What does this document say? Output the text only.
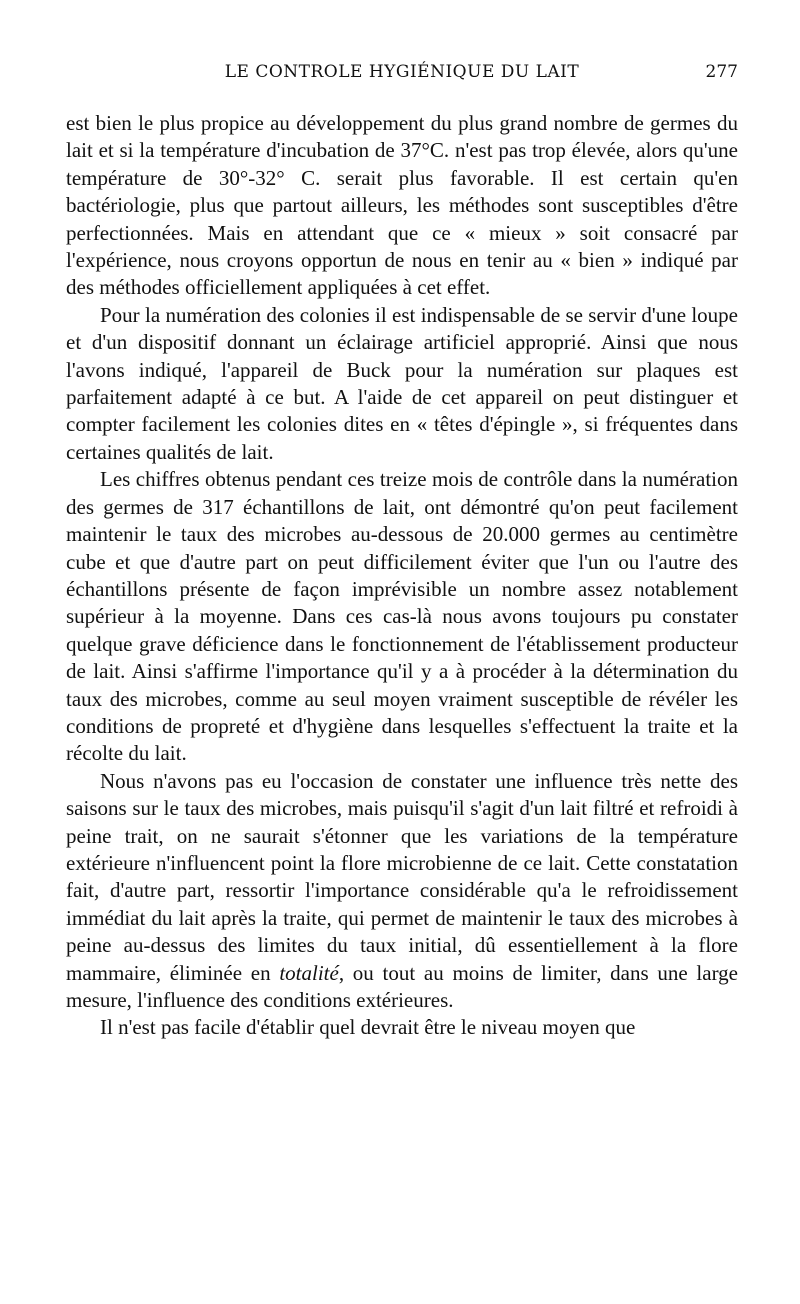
LE CONTROLE HYGIÉNIQUE DU LAIT	277

est bien le plus propice au développement du plus grand nombre de germes du lait et si la température d'incubation de 37°C. n'est pas trop élevée, alors qu'une température de 30°-32° C. serait plus favorable. Il est certain qu'en bactériologie, plus que partout ailleurs, les méthodes sont susceptibles d'être perfectionnées. Mais en attendant que ce « mieux » soit consacré par l'expérience, nous croyons opportun de nous en tenir au « bien » indiqué par des méthodes officiellement appliquées à cet effet.

Pour la numération des colonies il est indispensable de se servir d'une loupe et d'un dispositif donnant un éclairage artificiel approprié. Ainsi que nous l'avons indiqué, l'appareil de Buck pour la numération sur plaques est parfaitement adapté à ce but. A l'aide de cet appareil on peut distinguer et compter facilement les colonies dites en « têtes d'épingle », si fréquentes dans certaines qualités de lait.

Les chiffres obtenus pendant ces treize mois de contrôle dans la numération des germes de 317 échantillons de lait, ont démontré qu'on peut facilement maintenir le taux des microbes au-dessous de 20.000 germes au centimètre cube et que d'autre part on peut difficilement éviter que l'un ou l'autre des échantillons présente de façon imprévisible un nombre assez notablement supérieur à la moyenne. Dans ces cas-là nous avons toujours pu constater quelque grave déficience dans le fonctionnement de l'établissement producteur de lait. Ainsi s'affirme l'importance qu'il y a à procéder à la détermination du taux des microbes, comme au seul moyen vraiment susceptible de révéler les conditions de propreté et d'hygiène dans lesquelles s'effectuent la traite et la récolte du lait.

Nous n'avons pas eu l'occasion de constater une influence très nette des saisons sur le taux des microbes, mais puisqu'il s'agit d'un lait filtré et refroidi à peine trait, on ne saurait s'étonner que les variations de la température extérieure n'influencent point la flore microbienne de ce lait. Cette constatation fait, d'autre part, ressortir l'importance considérable qu'a le refroidissement immédiat du lait après la traite, qui permet de maintenir le taux des microbes à peine au-dessus des limites du taux initial, dû essentiellement à la flore mammaire, éliminée en totalité, ou tout au moins de limiter, dans une large mesure, l'influence des conditions extérieures.

Il n'est pas facile d'établir quel devrait être le niveau moyen que
